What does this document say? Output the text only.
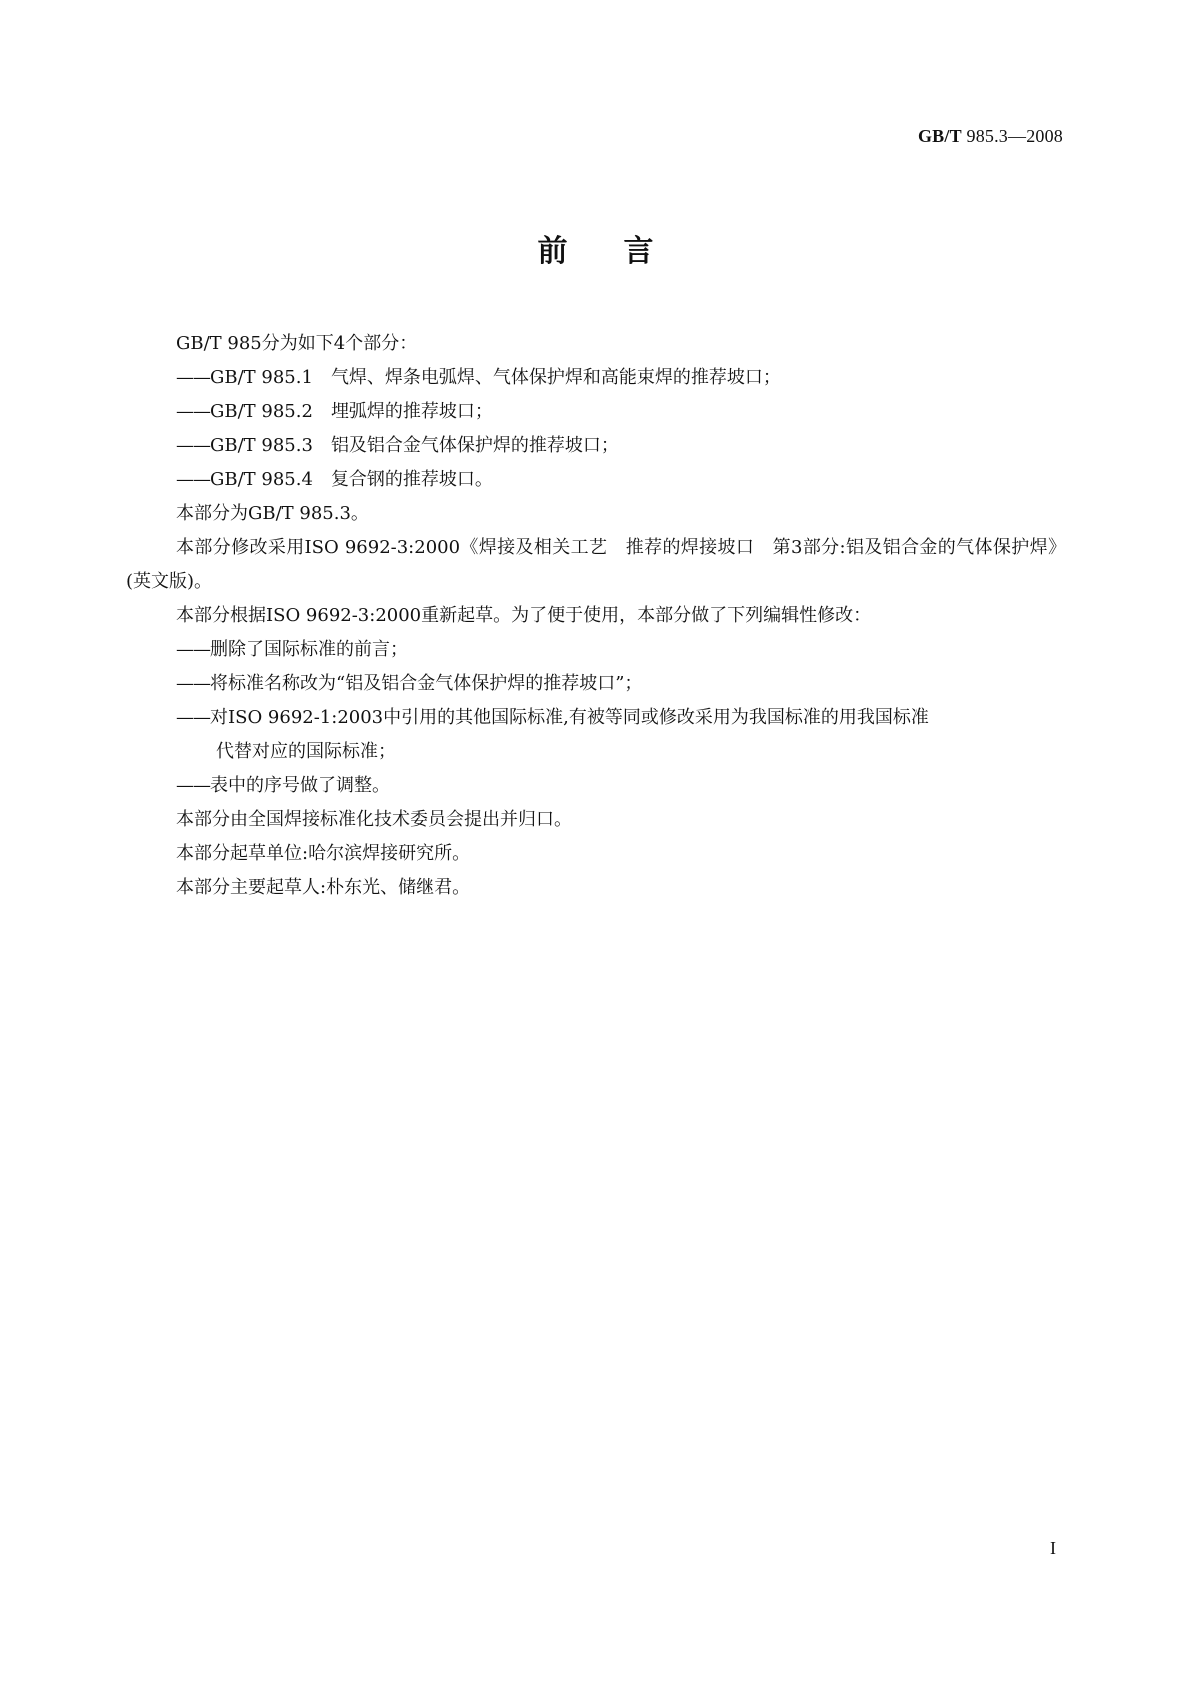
GB/T 985.3—2008
前言

GB/T 985分为如下4个部分：

——GB/T 985.1 气焊、焊条电弧焊、气体保护焊和高能束焊的推荐坡口；

——GB/T 985.2 埋弧焊的推荐坡口；

——GB/T 985.3 铝及铝合金气体保护焊的推荐坡口；

——GB/T 985.4 复合钢的推荐坡口。

本部分为GB/T 985.3。

本部分修改采用ISO 9692-3:2000《焊接及相关工艺　推荐的焊接坡口　第3部分:铝及铝合金的气体保护焊》(英文版)。

本部分根据ISO 9692-3:2000重新起草。为了便于使用，本部分做了下列编辑性修改：

——删除了国际标准的前言；

——将标准名称改为“铝及铝合金气体保护焊的推荐坡口”；

——对ISO 9692-1:2003中引用的其他国际标准,有被等同或修改采用为我国标准的用我国标准

代替对应的国际标准；

——表中的序号做了调整。

本部分由全国焊接标准化技术委员会提出并归口。

本部分起草单位:哈尔滨焊接研究所。

本部分主要起草人:朴东光、储继君。

I
